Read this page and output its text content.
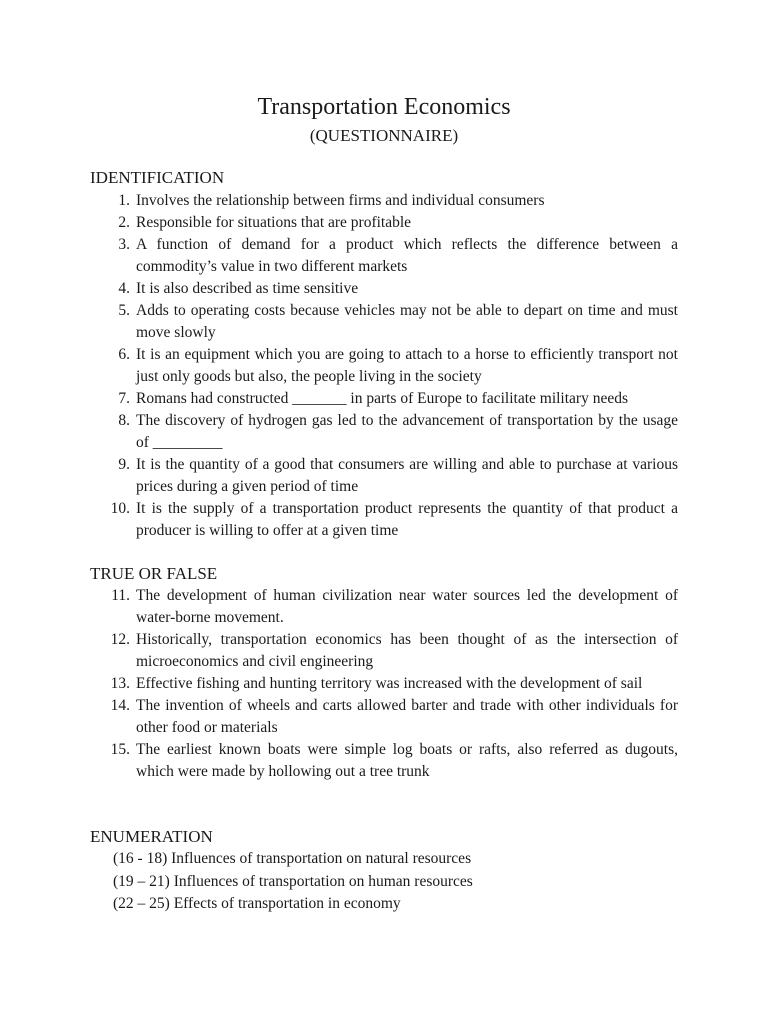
Transportation Economics
(QUESTIONNAIRE)
IDENTIFICATION
1. Involves the relationship between firms and individual consumers
2. Responsible for situations that are profitable
3. A function of demand for a product which reflects the difference between a commodity’s value in two different markets
4. It is also described as time sensitive
5. Adds to operating costs because vehicles may not be able to depart on time and must move slowly
6. It is an equipment which you are going to attach to a horse to efficiently transport not just only goods but also, the people living in the society
7. Romans had constructed _______ in parts of Europe to facilitate military needs
8. The discovery of hydrogen gas led to the advancement of transportation by the usage of _________
9. It is the quantity of a good that consumers are willing and able to purchase at various prices during a given period of time
10. It is the supply of a transportation product represents the quantity of that product a producer is willing to offer at a given time
TRUE OR FALSE
11. The development of human civilization near water sources led the development of water-borne movement.
12. Historically, transportation economics has been thought of as the intersection of microeconomics and civil engineering
13. Effective fishing and hunting territory was increased with the development of sail
14. The invention of wheels and carts allowed barter and trade with other individuals for other food or materials
15. The earliest known boats were simple log boats or rafts, also referred as dugouts, which were made by hollowing out a tree trunk
ENUMERATION
(16 - 18) Influences of transportation on natural resources
(19 – 21) Influences of transportation on human resources
(22 – 25) Effects of transportation in economy
